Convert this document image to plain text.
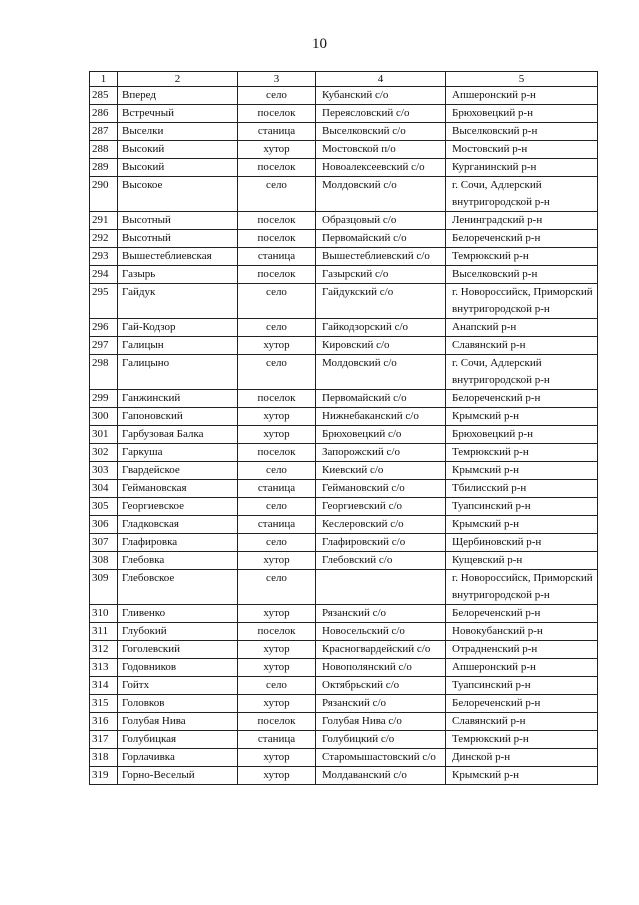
10
1	2	3	4	5
285	Вперед	село	Кубанский с/о	Апшеронский р-н
286	Встречный	поселок	Переясловский с/о	Брюховецкий р-н
287	Выселки	станица	Выселковский с/о	Выселковский р-н
288	Высокий	хутор	Мостовской п/о	Мостовский р-н
289	Высокий	поселок	Новоалексеевский с/о	Курганинский р-н
290	Высокое	село	Молдовский с/о	г. Сочи, Адлерский внутригородской р-н
291	Высотный	поселок	Образцовый с/о	Ленинградский р-н
292	Высотный	поселок	Первомайский с/о	Белореченский р-н
293	Вышестеблиевская	станица	Вышестеблиевский с/о	Темрюкский р-н
294	Газырь	поселок	Газырский с/о	Выселковский р-н
295	Гайдук	село	Гайдукский с/о	г. Новороссийск, Приморский внутригородской р-н
296	Гай-Кодзор	село	Гайкодзорский с/о	Анапский р-н
297	Галицын	хутор	Кировский с/о	Славянский р-н
298	Галицыно	село	Молдовский с/о	г. Сочи, Адлерский внутригородской р-н
299	Ганжинский	поселок	Первомайский с/о	Белореченский р-н
300	Гапоновский	хутор	Нижнебаканский с/о	Крымский р-н
301	Гарбузовая Балка	хутор	Брюховецкий с/о	Брюховецкий р-н
302	Гаркуша	поселок	Запорожский с/о	Темрюкский р-н
303	Гвардейское	село	Киевский с/о	Крымский р-н
304	Геймановская	станица	Геймановский с/о	Тбилисский р-н
305	Георгиевское	село	Георгиевский с/о	Туапсинский р-н
306	Гладковская	станица	Кеслеровский с/о	Крымский р-н
307	Глафировка	село	Глафировский с/о	Щербиновский р-н
308	Глебовка	хутор	Глебовский с/о	Кущевский р-н
309	Глебовское	село		г. Новороссийск, Приморский внутригородской р-н
310	Гливенко	хутор	Рязанский с/о	Белореченский р-н
311	Глубокий	поселок	Новосельский с/о	Новокубанский р-н
312	Гоголевский	хутор	Красногвардейский с/о	Отрадненский р-н
313	Годовников	хутор	Новополянский с/о	Апшеронский р-н
314	Гойтх	село	Октябрьский с/о	Туапсинский р-н
315	Головков	хутор	Рязанский с/о	Белореченский р-н
316	Голубая Нива	поселок	Голубая Нива с/о	Славянский р-н
317	Голубицкая	станица	Голубицкий с/о	Темрюкский р-н
318	Горлачивка	хутор	Старомышастовский с/о	Динской р-н
319	Горно-Веселый	хутор	Молдаванский с/о	Крымский р-н
